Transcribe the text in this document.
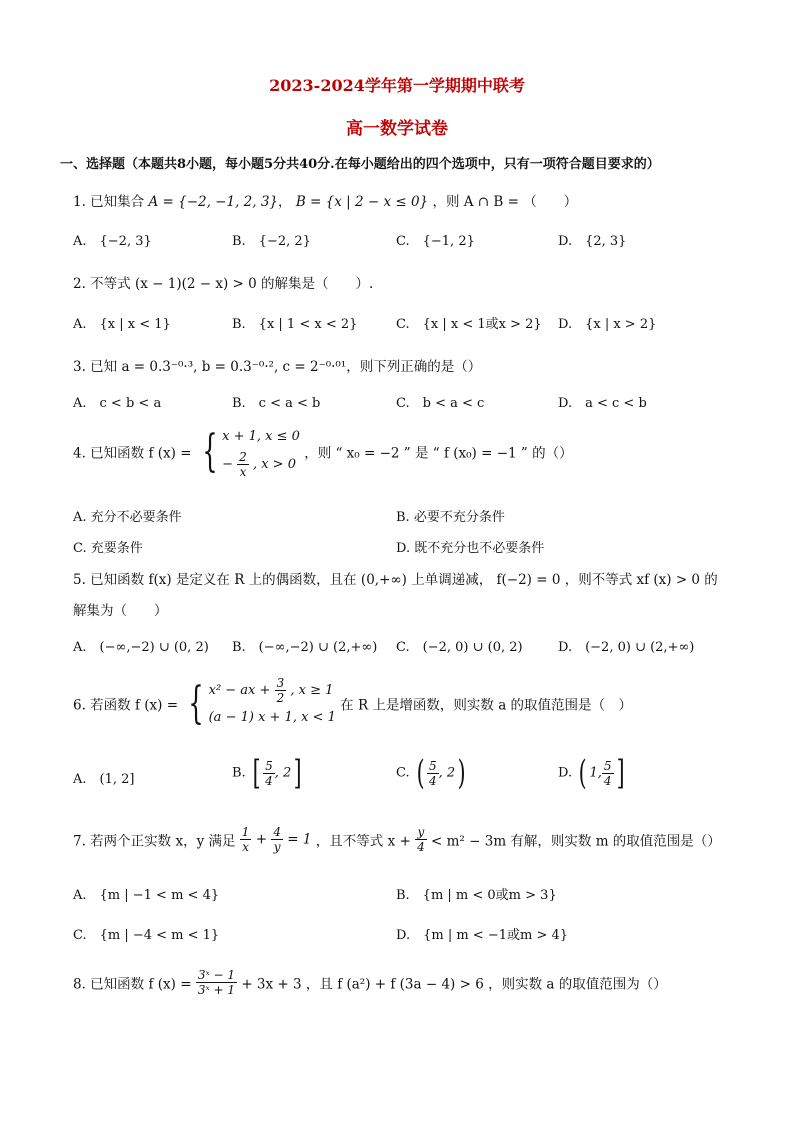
2023-2024学年第一学期期中联考
高一数学试卷
一、选择题（本题共8小题，每小题5分共40分.在每小题给出的四个选项中，只有一项符合题目要求的）
1. 已知集合 A = {−2, −1, 2, 3}， B = {x | 2 − x ≤ 0} ，则 A ∩ B = （　　）
A.　{−2, 3}	B.　{−2, 2}	C.　{−1, 2}	D.　{2, 3}
2. 不等式 (x − 1)(2 − x) > 0 的解集是（　　）.
A.　{x | x < 1}	B.　{x | 1 < x < 2}	C.　{x | x < 1或x > 2} D.　{x | x > 2}
3. 已知 a = 0.3⁻⁰·³, b = 0.3⁻⁰·², c = 2⁻⁰·⁰¹，则下列正确的是（）
A.　c < b < a	B.　c < a < b	C.　b < a < c	D.　a < c < b
4. 已知函数 f (x) = { x + 1, x ≤ 0
− $\frac{2}{x}$ , x > 0
，则 “ x₀ = −2 ” 是 “ f (x₀) = −1 ” 的（）
A. 充分不必要条件	B. 必要不充分条件
C. 充要条件	D. 既不充分也不必要条件
5. 已知函数 f(x) 是定义在 R 上的偶函数，且在 (0,+∞) 上单调递减， f(−2) = 0 ，则不等式 xf (x) > 0 的
解集为（　　）
A.　(−∞,−2) ∪ (0, 2) B.　(−∞,−2) ∪ (2,+∞) C.　(−2, 0) ∪ (0, 2)	D.　(−2, 0) ∪ (2,+∞)
6. 若函数 f (x) = { x² − ax + $\frac{3}{2}$ , x ≥ 1
(a − 1) x + 1, x < 1
在 R 上是增函数，则实数 a 的取值范围是（　）
A.　(1, 2]	B. [ $\frac{5}{4}$ , 2]	C. ( $\frac{5}{4}$ , 2)	D. ( 1, $\frac{5}{4}$ ]
7. 若两个正实数 x，y 满足 $\frac{1}{x} + \frac{4}{y} = 1$ ，且不等式 $x + \frac{y}{4} < m^2 - 3m$ 有解，则实数 m 的取值范围是（）
A.　{m | −1 < m < 4}	B.　{m | m < 0或m > 3}
C.　{m | −4 < m < 1}	D.　{m | m < −1或m > 4}
8. 已知函数 f $(x) = \frac{\text{3ˣ − 1}}{\text{3ˣ + 1}} + 3x + 3$ ，且 f (a²) + f (3a − 4) > 6 ，则实数 a 的取值范围为（）
